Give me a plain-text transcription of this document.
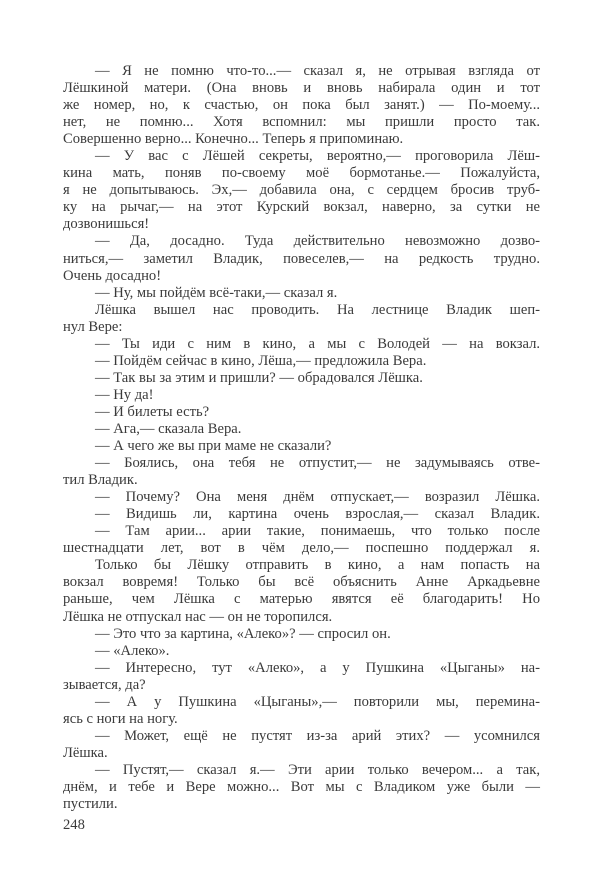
— Я не помню что-то...— сказал я, не отрывая взгляда от
Лёшкиной матери. (Она вновь и вновь набирала один и тот
же номер, но, к счастью, он пока был занят.) — По-моему...
нет, не помню... Хотя вспомнил: мы пришли просто так.
Совершенно верно... Конечно... Теперь я припоминаю.
— У вас с Лёшей секреты, вероятно,— проговорила Лёш-
кина мать, поняв по-своему моё бормотанье.— Пожалуйста,
я не допытываюсь. Эх,— добавила она, с сердцем бросив труб-
ку на рычаг,— на этот Курский вокзал, наверно, за сутки не
дозвонишься!
— Да, досадно. Туда действительно невозможно дозво-
ниться,— заметил Владик, повеселев,— на редкость трудно.
Очень досадно!
— Ну, мы пойдём всё-таки,— сказал я.
Лёшка вышел нас проводить. На лестнице Владик шеп-
нул Вере:
— Ты иди с ним в кино, а мы с Володей — на вокзал.
— Пойдём сейчас в кино, Лёша,— предложила Вера.
— Так вы за этим и пришли? — обрадовался Лёшка.
— Ну да!
— И билеты есть?
— Ага,— сказала Вера.
— А чего же вы при маме не сказали?
— Боялись, она тебя не отпустит,— не задумываясь отве-
тил Владик.
— Почему? Она меня днём отпускает,— возразил Лёшка.
— Видишь ли, картина очень взрослая,— сказал Владик.
— Там арии... арии такие, понимаешь, что только после
шестнадцати лет, вот в чём дело,— поспешно поддержал я.
Только бы Лёшку отправить в кино, а нам попасть на
вокзал вовремя! Только бы всё объяснить Анне Аркадьевне
раньше, чем Лёшка с матерью явятся её благодарить! Но
Лёшка не отпускал нас — он не торопился.
— Это что за картина, «Алеко»? — спросил он.
— «Алеко».
— Интересно, тут «Алеко», а у Пушкина «Цыганы» на-
зывается, да?
— А у Пушкина «Цыганы»,— повторили мы, перемина-
ясь с ноги на ногу.
— Может, ещё не пустят из-за арий этих? — усомнился
Лёшка.
— Пустят,— сказал я.— Эти арии только вечером... а так,
днём, и тебе и Вере можно... Вот мы с Владиком уже были —
пустили.
248
